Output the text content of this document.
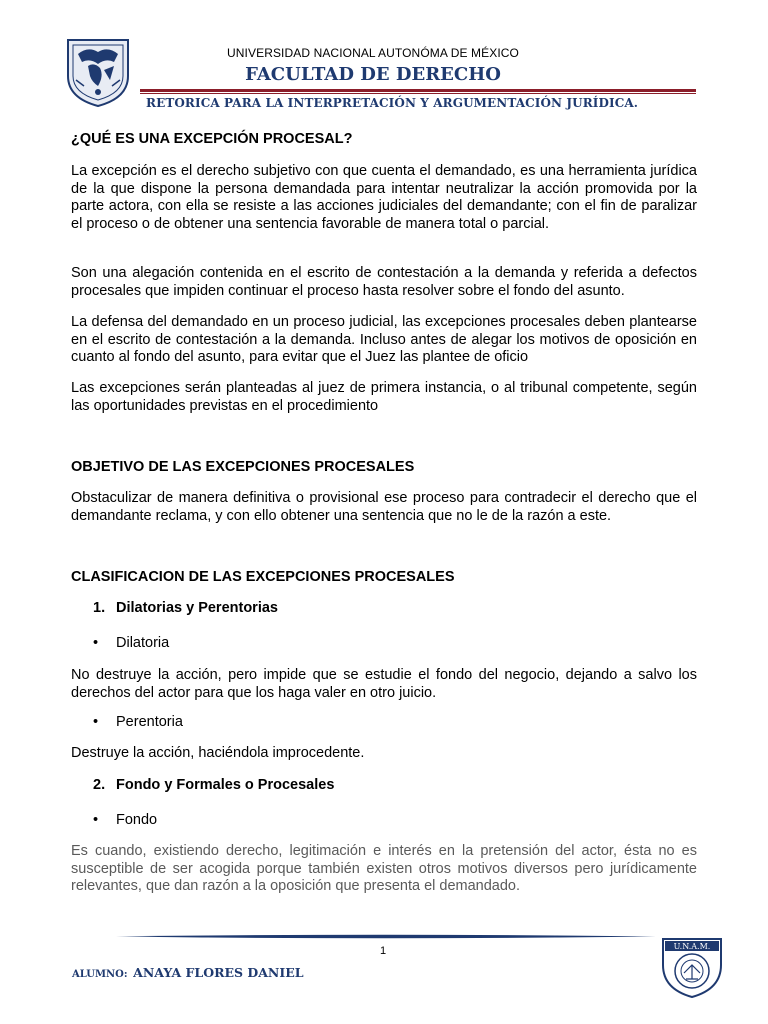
UNIVERSIDAD NACIONAL AUTONÓMA DE MÉXICO
FACULTAD DE DERECHO
RETORICA PARA LA INTERPRETACIÓN Y ARGUMENTACIÓN JURÍDICA.
¿QUÉ ES UNA EXCEPCIÓN PROCESAL?
La excepción es el derecho subjetivo con que cuenta el demandado, es una herramienta jurídica de la que dispone la persona demandada para intentar neutralizar la acción promovida por la parte actora, con ella se resiste a las acciones judiciales del demandante; con el fin de paralizar el proceso o de obtener una sentencia favorable de manera total o parcial.
Son una alegación contenida en el escrito de contestación a la demanda y referida a defectos procesales que impiden continuar el proceso hasta resolver sobre el fondo del asunto.
La defensa del demandado en un proceso judicial, las excepciones procesales deben plantearse en el escrito de contestación a la demanda. Incluso antes de alegar los motivos de oposición en cuanto al fondo del asunto, para evitar que el Juez las plantee de oficio
Las excepciones serán planteadas al juez de primera instancia, o al tribunal competente, según las oportunidades previstas en el procedimiento
OBJETIVO DE LAS EXCEPCIONES PROCESALES
Obstaculizar de manera definitiva o provisional ese proceso para contradecir el derecho que el demandante reclama, y con ello obtener una sentencia que no le de la razón a este.
CLASIFICACION DE LAS EXCEPCIONES PROCESALES
1. Dilatorias y Perentorias
• Dilatoria
No destruye la acción, pero impide que se estudie el fondo del negocio, dejando a salvo los derechos del actor para que los haga valer en otro juicio.
• Perentoria
Destruye la acción, haciéndola improcedente.
2. Fondo y Formales o Procesales
• Fondo
Es cuando, existiendo derecho, legitimación e interés en la pretensión del actor, ésta no es susceptible de ser acogida porque también existen otros motivos diversos pero jurídicamente relevantes, que dan razón a la oposición que presenta el demandado.
1
ALUMNO: ANAYA FLORES DANIEL
U.N.A.M.
